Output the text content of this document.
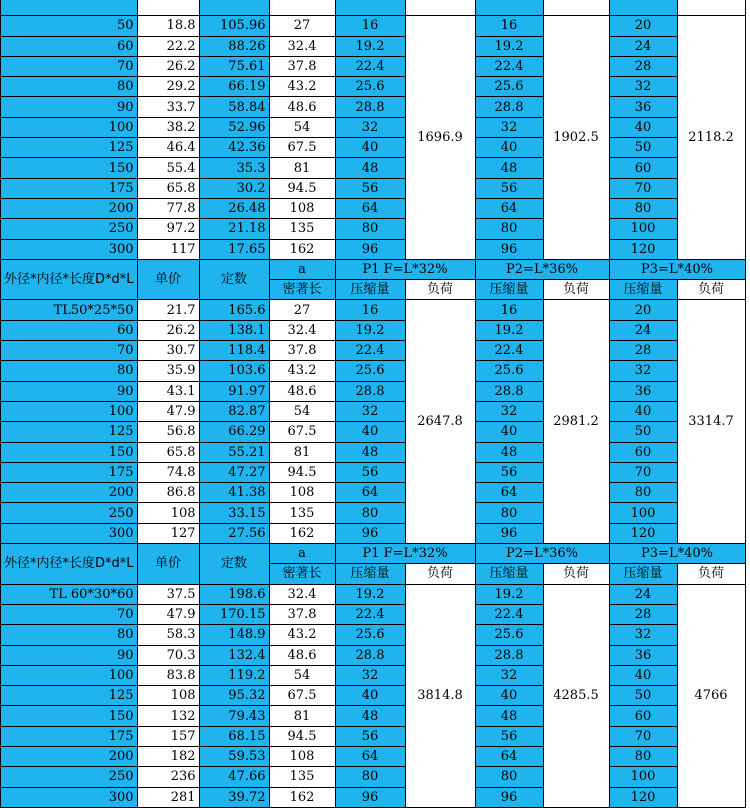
50	18.8	105.96	27	16	1696.9	16	1902.5	20	2118.2
60	22.2	88.26	32.4	19.2		19.2		24	
70	26.2	75.61	37.8	22.4		22.4		28	
80	29.2	66.19	43.2	25.6		25.6		32	
90	33.7	58.84	48.6	28.8		28.8		36	
100	38.2	52.96	54	32		32		40	
125	46.4	42.36	67.5	40		40		50	
150	55.4	35.3	81	48		48		60	
175	65.8	30.2	94.5	56		56		70	
200	77.8	26.48	108	64		64		80	
250	97.2	21.18	135	80		80		100	
300	117	17.65	162	96		96		120	
外径*内径*长度D*d*L	单价	定数	a	P1 F=L*32%		P2=L*36%		P3=L*40%	
			密著长	压缩量	负荷	压缩量	负荷	压缩量	负荷
TL50*25*50	21.7	165.6	27	16	2647.8	16	2981.2	20	3314.7
60	26.2	138.1	32.4	19.2		19.2		24	
70	30.7	118.4	37.8	22.4		22.4		28	
80	35.9	103.6	43.2	25.6		25.6		32	
90	43.1	91.97	48.6	28.8		28.8		36	
100	47.9	82.87	54	32		32		40	
125	56.8	66.29	67.5	40		40		50	
150	65.8	55.21	81	48		48		60	
175	74.8	47.27	94.5	56		56		70	
200	86.8	41.38	108	64		64		80	
250	108	33.15	135	80		80		100	
300	127	27.56	162	96		96		120	
外径*内径*长度D*d*L	单价	定数	a	P1 F=L*32%		P2=L*36%		P3=L*40%	
			密著长	压缩量	负荷	压缩量	负荷	压缩量	负荷
TL 60*30*60	37.5	198.6	32.4	19.2	3814.8	19.2	4285.5	24	4766
70	47.9	170.15	37.8	22.4		22.4		28	
80	58.3	148.9	43.2	25.6		25.6		32	
90	70.3	132.4	48.6	28.8		28.8		36	
100	83.8	119.2	54	32		32		40	
125	108	95.32	67.5	40		40		50	
150	132	79.43	81	48		48		60	
175	157	68.15	94.5	56		56		70	
200	182	59.53	108	64		64		80	
250	236	47.66	135	80		80		100	
300	281	39.72	162	96		96		120	
